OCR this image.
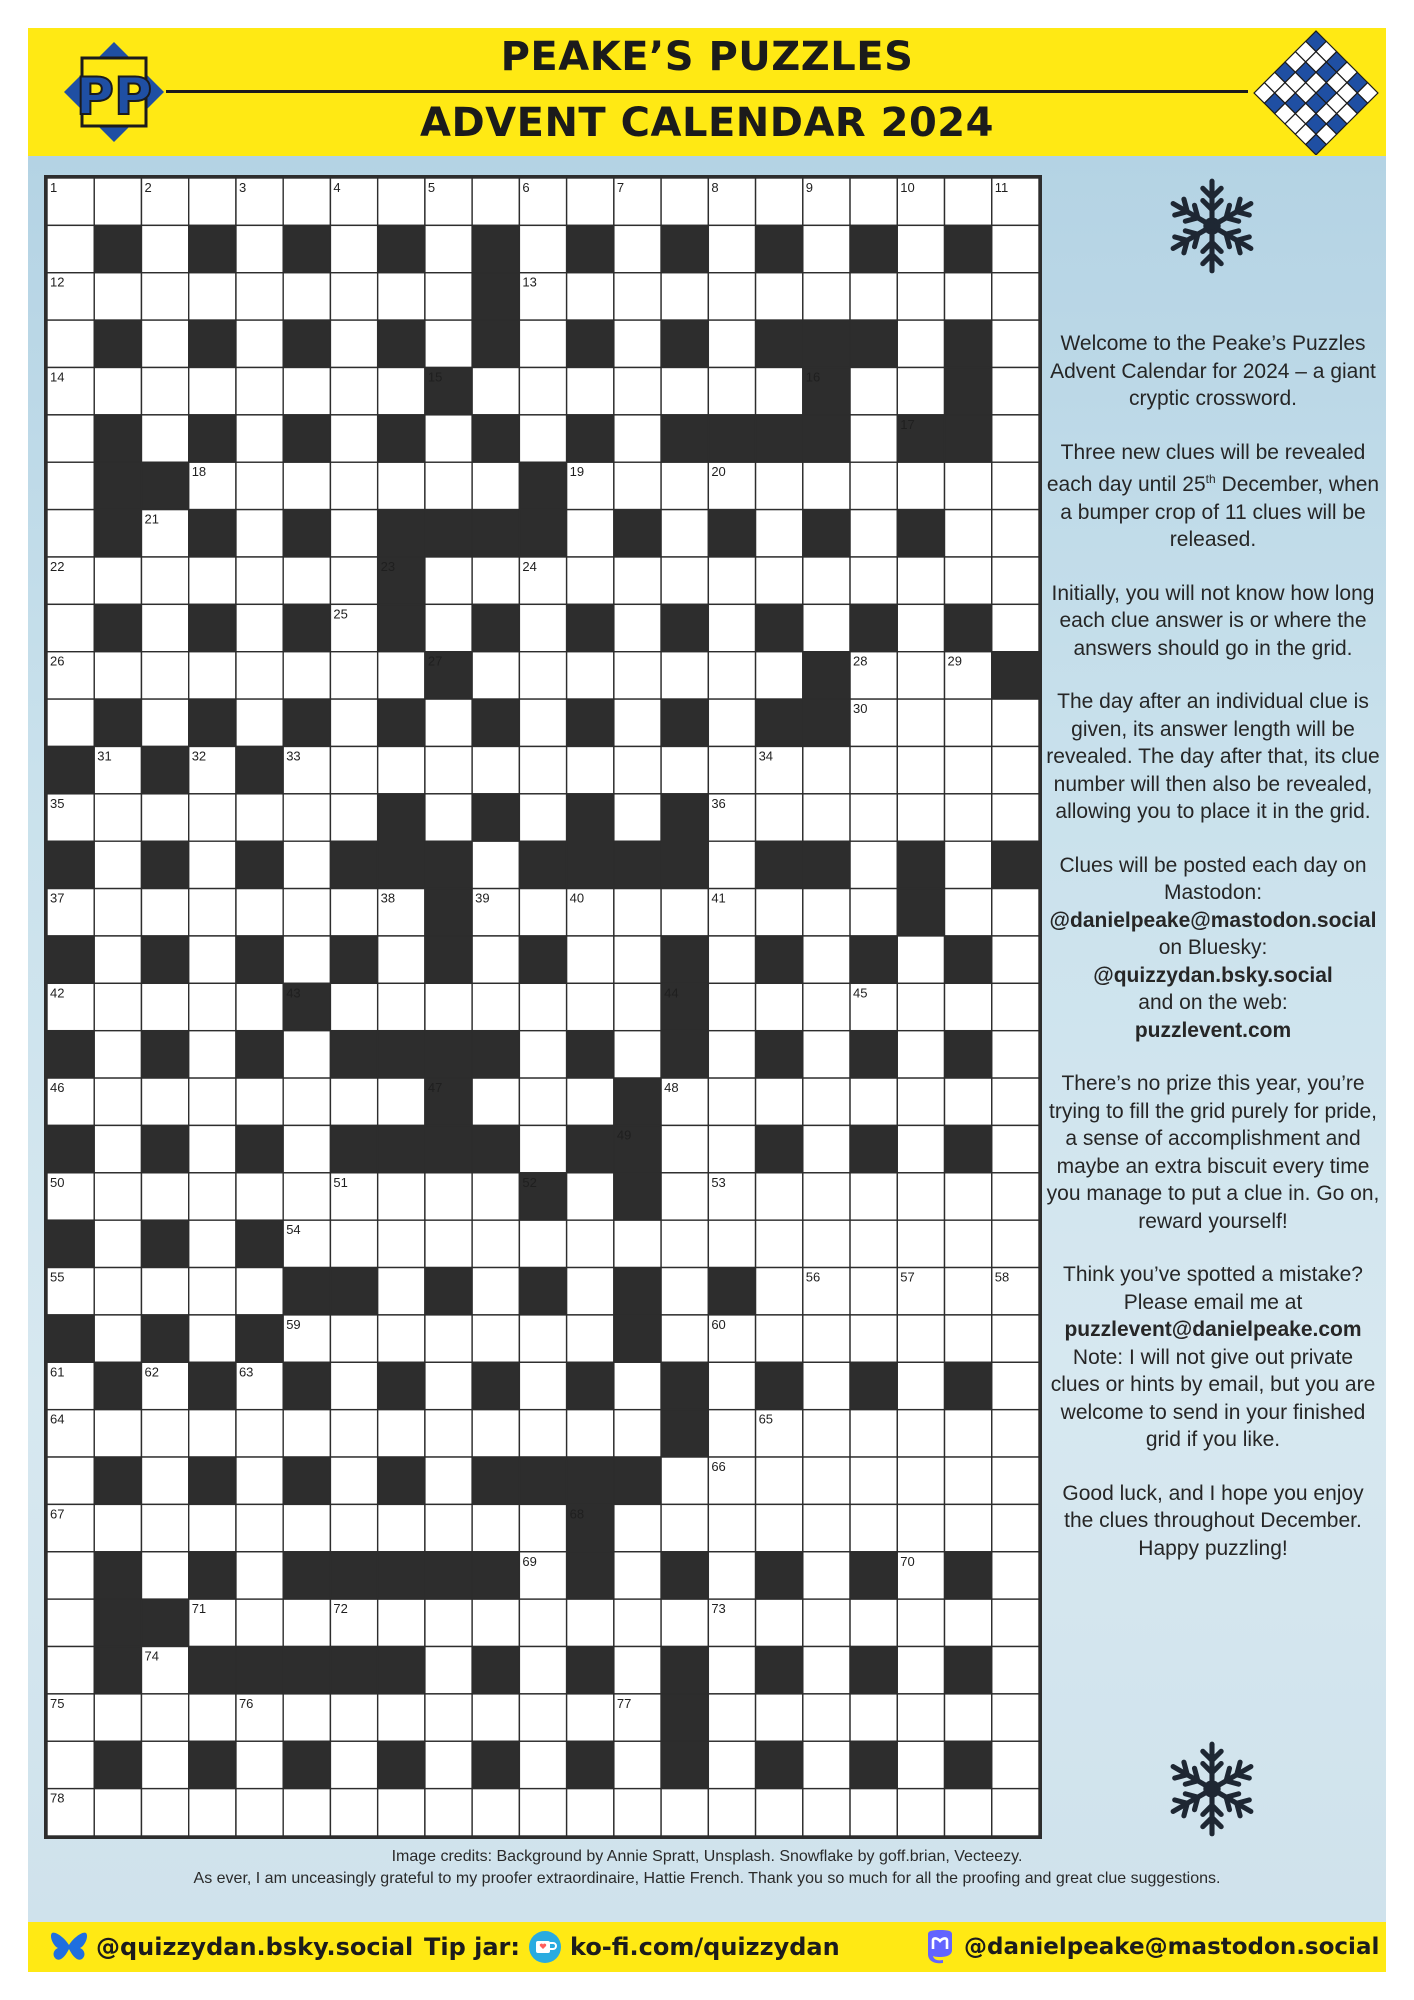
PP
PEAKE’S PUZZLES
ADVENT CALENDAR 2024
1	2	3	4	5	6	7	8	9	10	11
12	13
14	15	16
17
18	19	20
21
22	23	24
25
26	27	28	29
30
31	32	33	34
35	36
37	38	39	40	41
42	43	44	45
46	47	48
49
50	51	52	53
54
55	56	57	58
59	60
61	62	63
64	65
66
67	68
69	70
71	72	73
74
75	76	77
78

Welcome to the Peake’s Puzzles Advent Calendar for 2024 – a giant cryptic crossword.

Three new clues will be revealed each day until 25th December, when a bumper crop of 11 clues will be released.

Initially, you will not know how long each clue answer is or where the answers should go in the grid.

The day after an individual clue is given, its answer length will be revealed. The day after that, its clue number will then also be revealed, allowing you to place it in the grid.

Clues will be posted each day on Mastodon:
@danielpeake@mastodon.social
on Bluesky:
@quizzydan.bsky.social
and on the web:
puzzlevent.com

There’s no prize this year, you’re trying to fill the grid purely for pride, a sense of accomplishment and maybe an extra biscuit every time you manage to put a clue in. Go on, reward yourself!

Think you’ve spotted a mistake? Please email me at
puzzlevent@danielpeake.com
Note: I will not give out private clues or hints by email, but you are welcome to send in your finished grid if you like.

Good luck, and I hope you enjoy the clues throughout December. Happy puzzling!

Image credits: Background by Annie Spratt, Unsplash. Snowflake by goff.brian, Vecteezy.
As ever, I am unceasingly grateful to my proofer extraordinaire, Hattie French. Thank you so much for all the proofing and great clue suggestions.
@quizzydan.bsky.social Tip jar: ko-fi.com/quizzydan	@danielpeake@mastodon.social
